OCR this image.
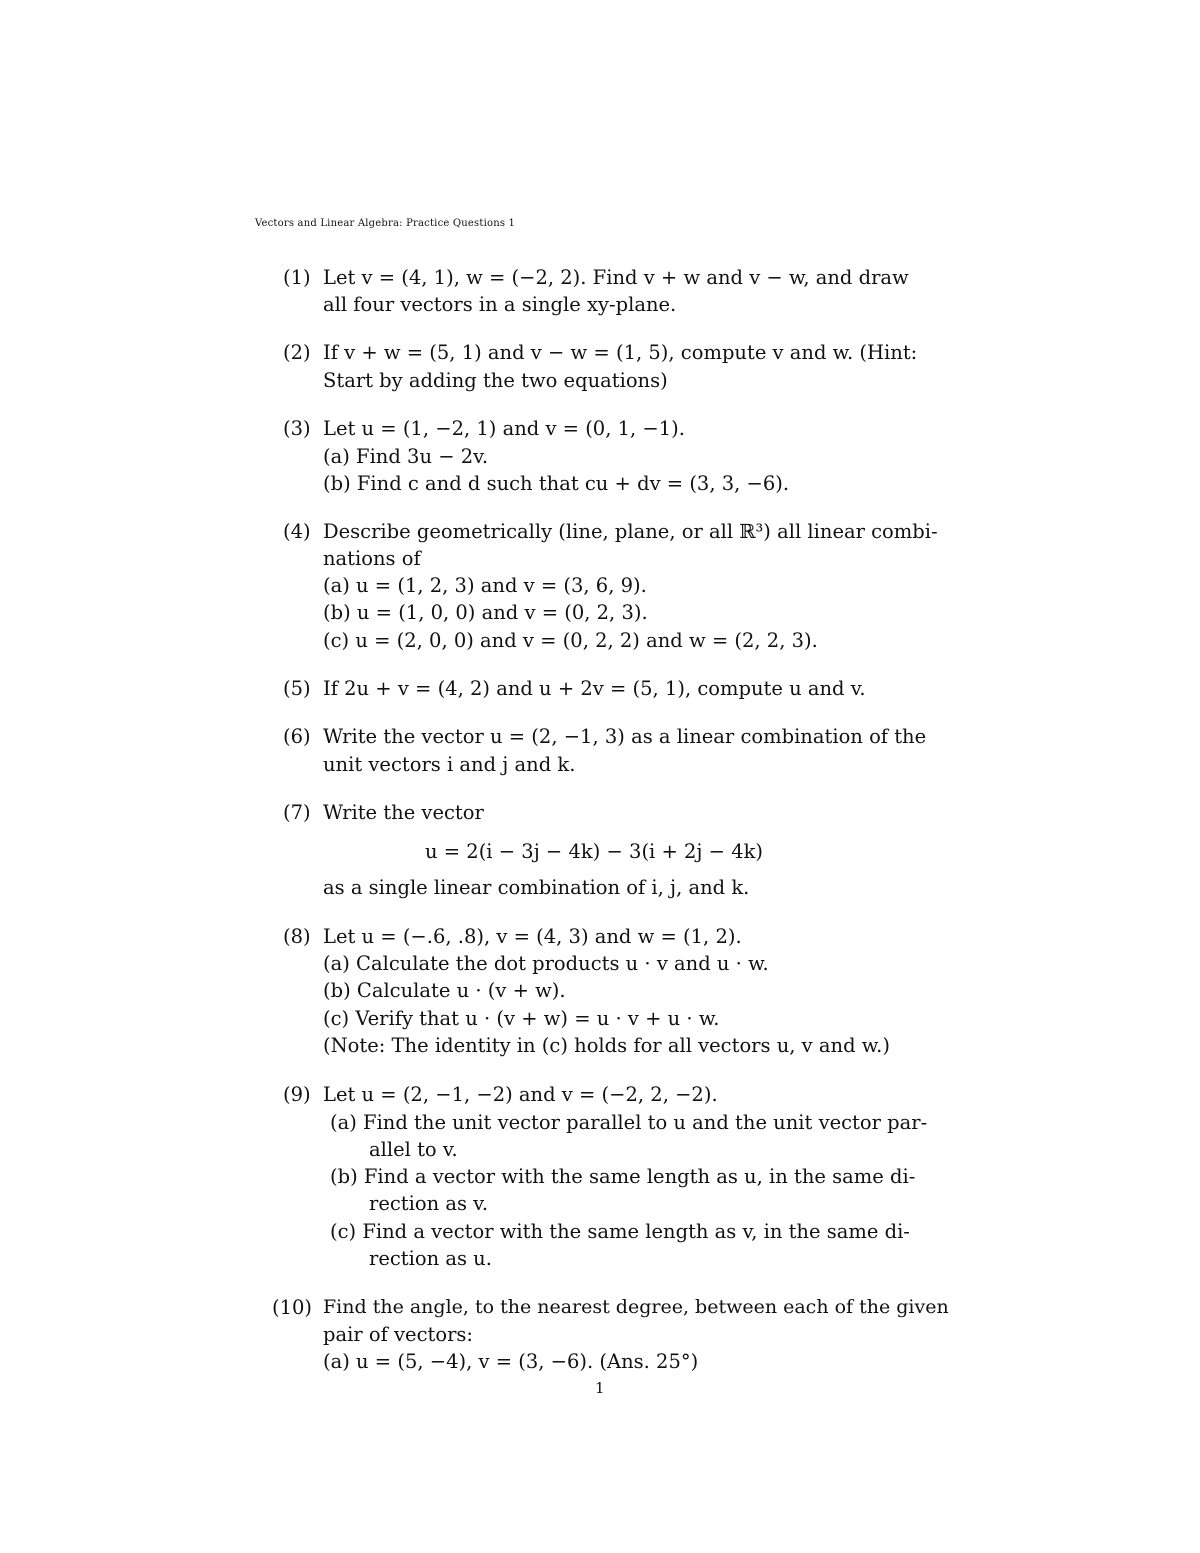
Vectors and Linear Algebra: Practice Questions 1
(1) Let v = (4, 1), w = (−2, 2). Find v + w and v − w, and draw
all four vectors in a single xy-plane.
(2) If v + w = (5, 1) and v − w = (1, 5), compute v and w. (Hint:
Start by adding the two equations)
(3) Let u = (1, −2, 1) and v = (0, 1, −1).
(a) Find 3u − 2v.
(b) Find c and d such that cu + dv = (3, 3, −6).
(4) Describe geometrically (line, plane, or all ℝ³) all linear combi-
nations of
(a) u = (1, 2, 3) and v = (3, 6, 9).
(b) u = (1, 0, 0) and v = (0, 2, 3).
(c) u = (2, 0, 0) and v = (0, 2, 2) and w = (2, 2, 3).
(5) If 2u + v = (4, 2) and u + 2v = (5, 1), compute u and v.
(6) Write the vector u = (2, −1, 3) as a linear combination of the
unit vectors i and j and k.
(7) Write the vector
u = 2(i − 3j − 4k) − 3(i + 2j − 4k)
as a single linear combination of i, j, and k.
(8) Let u = (−.6, .8), v = (4, 3) and w = (1, 2).
(a) Calculate the dot products u · v and u · w.
(b) Calculate u · (v + w).
(c) Verify that u · (v + w) = u · v + u · w.
(Note: The identity in (c) holds for all vectors u, v and w.)
(9) Let u = (2, −1, −2) and v = (−2, 2, −2).
(a) Find the unit vector parallel to u and the unit vector par-
allel to v.
(b) Find a vector with the same length as u, in the same di-
rection as v.
(c) Find a vector with the same length as v, in the same di-
rection as u.
(10) Find the angle, to the nearest degree, between each of the given
pair of vectors:
(a) u = (5, −4), v = (3, −6). (Ans. 25°)
1
